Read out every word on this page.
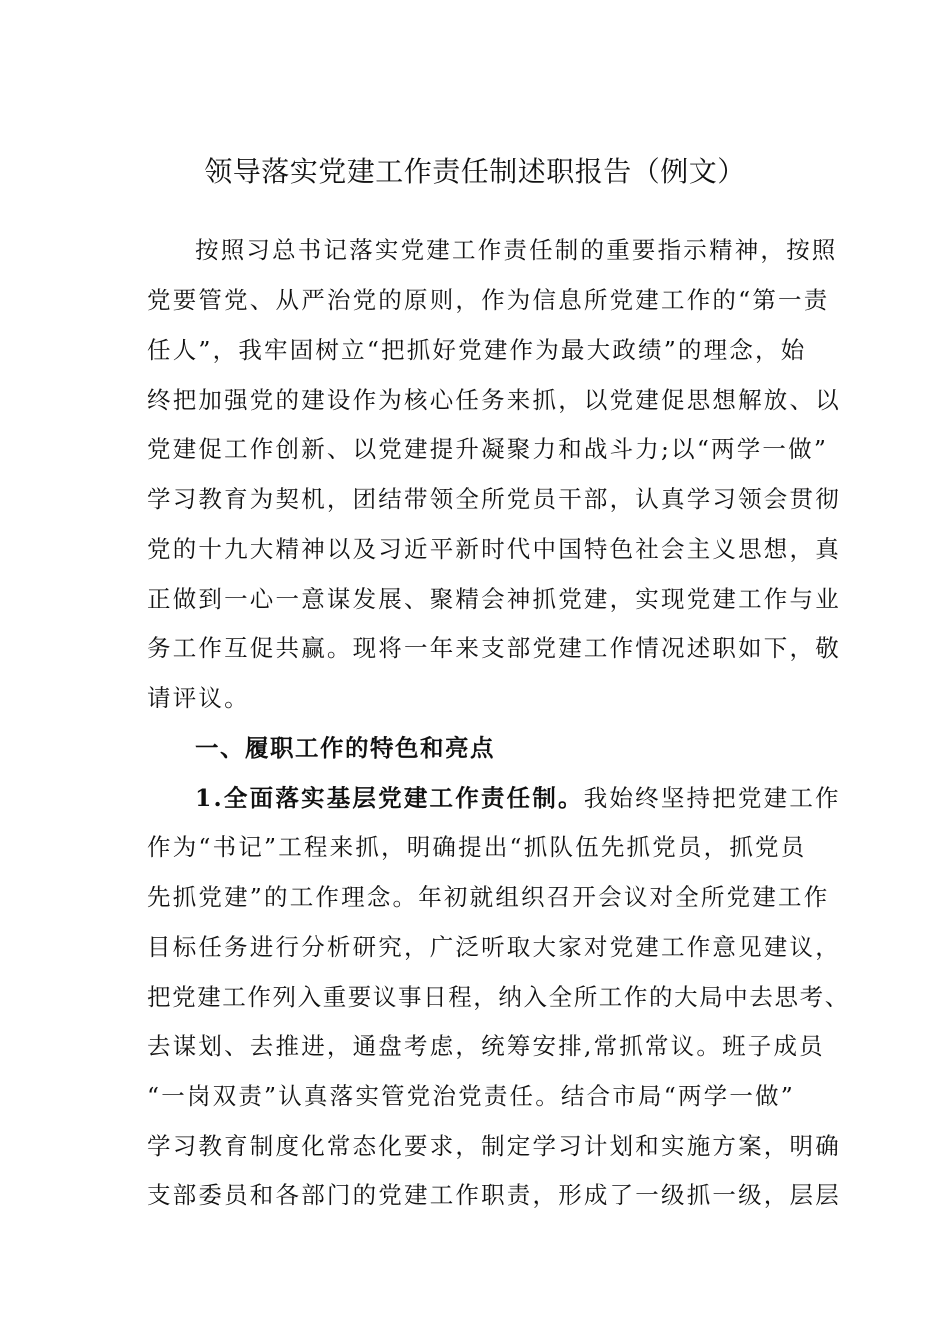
领导落实党建工作责任制述职报告（例文）

按照习总书记落实党建工作责任制的重要指示精神，按照

党要管党、从严治党的原则，作为信息所党建工作的“第一责

任人”，我牢固树立“把抓好党建作为最大政绩”的理念，始

终把加强党的建设作为核心任务来抓，以党建促思想解放、以

党建促工作创新、以党建提升凝聚力和战斗力;以“两学一做”

学习教育为契机，团结带领全所党员干部，认真学习领会贯彻

党的十九大精神以及习近平新时代中国特色社会主义思想，真

正做到一心一意谋发展、聚精会神抓党建，实现党建工作与业

务工作互促共赢。现将一年来支部党建工作情况述职如下，敬

请评议。

一、履职工作的特色和亮点

1.全面落实基层党建工作责任制。我始终坚持把党建工作

作为“书记”工程来抓，明确提出“抓队伍先抓党员，抓党员

先抓党建”的工作理念。年初就组织召开会议对全所党建工作

目标任务进行分析研究，广泛听取大家对党建工作意见建议，

把党建工作列入重要议事日程，纳入全所工作的大局中去思考、

去谋划、去推进，通盘考虑，统筹安排,常抓常议。班子成员

“一岗双责”认真落实管党治党责任。结合市局“两学一做”

学习教育制度化常态化要求，制定学习计划和实施方案，明确

支部委员和各部门的党建工作职责，形成了一级抓一级，层层
